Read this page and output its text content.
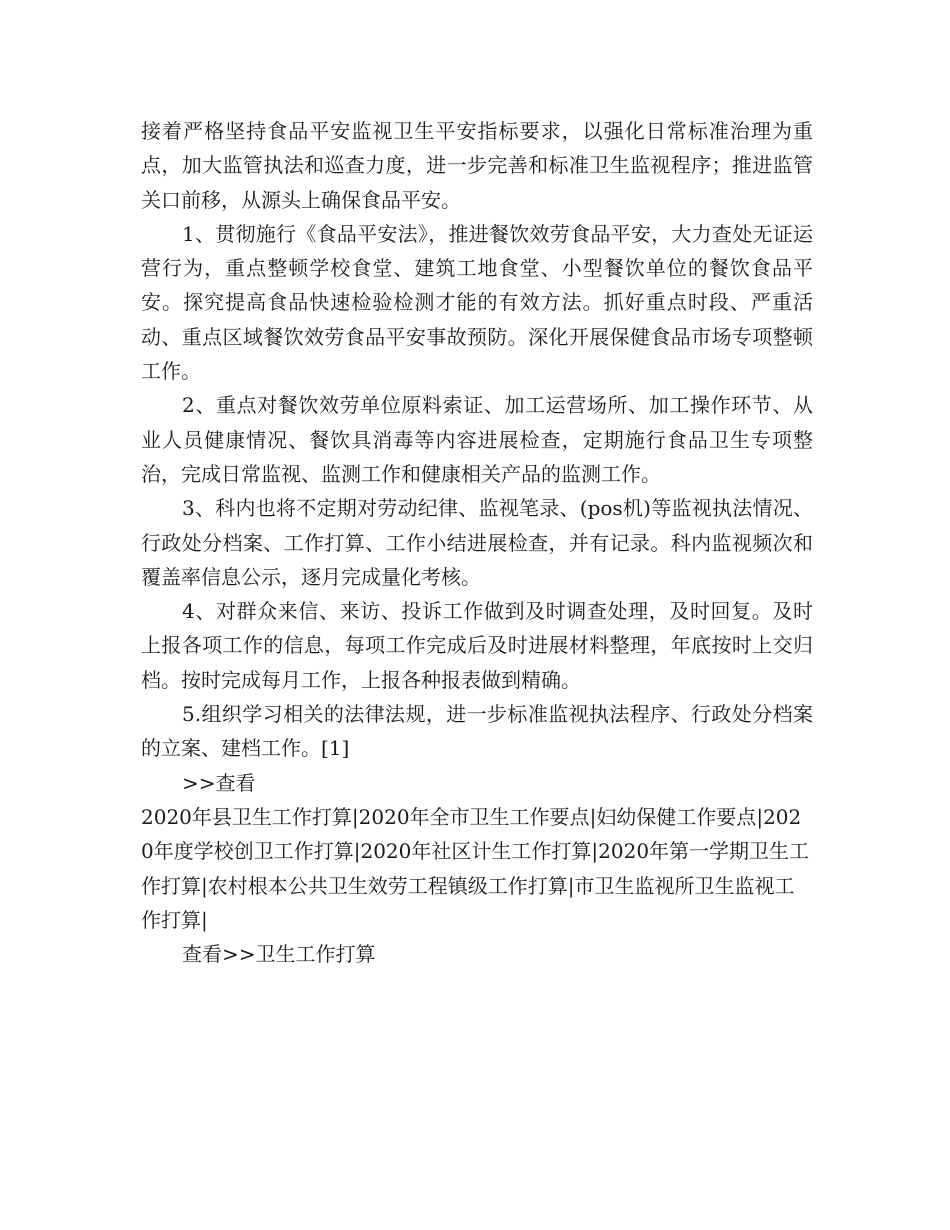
接着严格坚持食品平安监视卫生平安指标要求，以强化日常标准治理为重点，加大监管执法和巡查力度，进一步完善和标准卫生监视程序；推进监管关口前移，从源头上确保食品平安。

1、贯彻施行《食品平安法》，推进餐饮效劳食品平安，大力查处无证运营行为，重点整顿学校食堂、建筑工地食堂、小型餐饮单位的餐饮食品平安。探究提高食品快速检验检测才能的有效方法。抓好重点时段、严重活动、重点区域餐饮效劳食品平安事故预防。深化开展保健食品市场专项整顿工作。

2、重点对餐饮效劳单位原料索证、加工运营场所、加工操作环节、从业人员健康情况、餐饮具消毒等内容进展检查，定期施行食品卫生专项整治，完成日常监视、监测工作和健康相关产品的监测工作。

3、科内也将不定期对劳动纪律、监视笔录、(pos机)等监视执法情况、行政处分档案、工作打算、工作小结进展检查，并有记录。科内监视频次和覆盖率信息公示，逐月完成量化考核。

4、对群众来信、来访、投诉工作做到及时调查处理，及时回复。及时上报各项工作的信息，每项工作完成后及时进展材料整理，年底按时上交归档。按时完成每月工作，上报各种报表做到精确。

5.组织学习相关的法律法规，进一步标准监视执法程序、行政处分档案的立案、建档工作。[1]

>>查看

2020年县卫生工作打算|2020年全市卫生工作要点|妇幼保健工作要点|2020年度学校创卫工作打算|2020年社区计生工作打算|2020年第一学期卫生工作打算|农村根本公共卫生效劳工程镇级工作打算|市卫生监视所卫生监视工作打算|

查看>>卫生工作打算
